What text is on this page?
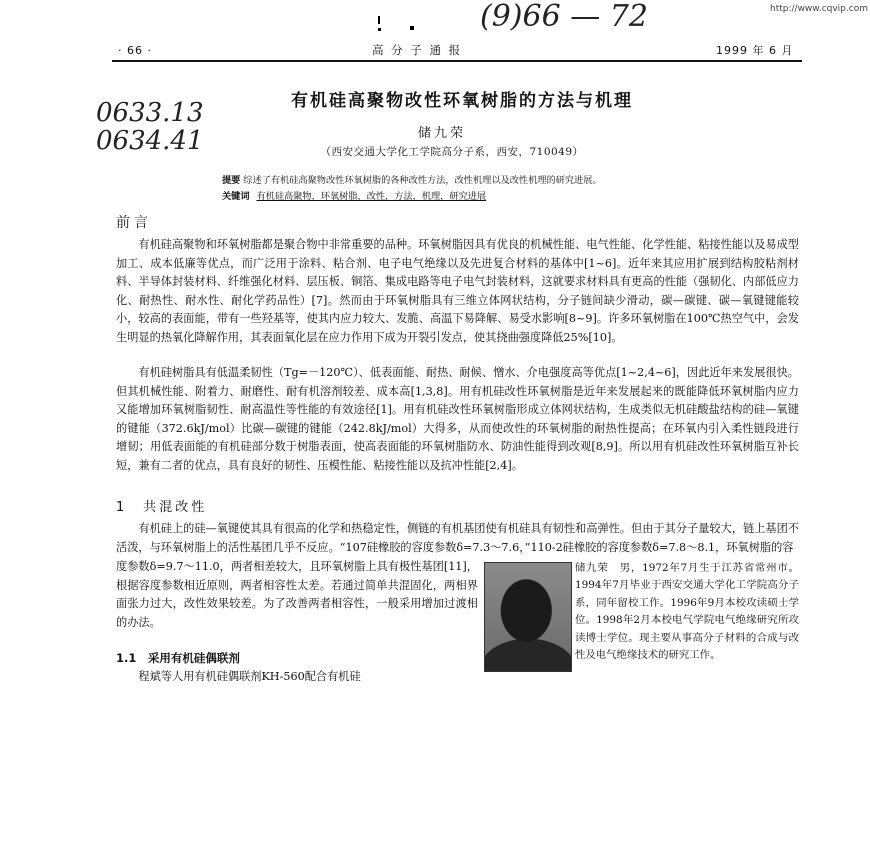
http://www.cqvip.com
(9)66 — 72
· 66 ·	高 分 子 通 报	1999 年 6 月
0633.13
0634.41
有机硅高聚物改性环氧树脂的方法与机理
储九荣
（西安交通大学化工学院高分子系，西安，710049）
提要 综述了有机硅高聚物改性环氧树脂的各种改性方法，改性机理以及改性机理的研究进展。
关键词 有机硅高聚物，环氧树脂，改性，方法，机理，研究进展
前言
有机硅高聚物和环氧树脂都是聚合物中非常重要的品种。环氧树脂因具有优良的机械性能、电气性能、化学性能、粘接性能以及易成型加工、成本低廉等优点，而广泛用于涂料、粘合剂、电子电气绝缘以及先进复合材料的基体中[1~6]。近年来其应用扩展到结构胶粘剂材料、半导体封装材料、纤维强化材料、层压板、铜箔、集成电路等电子电气封装材料，这就要求材料具有更高的性能（强韧化、内部低应力化、耐热性、耐水性、耐化学药品性）[7]。然而由于环氧树脂具有三维立体网状结构，分子链间缺少滑动，碳—碳键、碳—氧键键能较小，较高的表面能，带有一些羟基等，使其内应力较大、发脆、高温下易降解、易受水影响[8~9]。许多环氧树脂在100℃热空气中，会发生明显的热氧化降解作用，其表面氧化层在应力作用下成为开裂引发点，使其挠曲强度降低25%[10]。
有机硅树脂具有低温柔韧性（Tg=－120℃）、低表面能、耐热、耐候、憎水、介电强度高等优点[1~2,4~6]，因此近年来发展很快。但其机械性能、附着力、耐磨性、耐有机溶剂较差、成本高[1,3,8]。用有机硅改性环氧树脂是近年来发展起来的既能降低环氧树脂内应力又能增加环氧树脂韧性、耐高温性等性能的有效途径[1]。用有机硅改性环氧树脂形成立体网状结构，生成类似无机硅酸盐结构的硅—氧键的键能（372.6kJ/mol）比碳—碳键的键能（242.8kJ/mol）大得多，从而使改性的环氧树脂的耐热性提高；在环氧内引入柔性链段进行增韧；用低表面能的有机硅部分数于树脂表面，使高表面能的环氧树脂防水、防油性能得到改观[8,9]。所以用有机硅改性环氧树脂互补长短，兼有二者的优点，具有良好的韧性、压模性能、粘接性能以及抗冲性能[2,4]。
1　共混改性
有机硅上的硅—氧键使其具有很高的化学和热稳定性，侧链的有机基团使有机硅具有韧性和高弹性。但由于其分子量较大，链上基团不活泼，与环氧树脂上的活性基团几乎不反应。“107硅橡胶的容度参数δ=7.3～7.6，”110-2硅橡胶的容度参数δ=7.8～8.1，环氧树脂的容
度参数δ=9.7～11.0，两者相差较大，且环氧树脂上具有极性基团[11]，根据容度参数相近原则，两者相容性太差。若通过简单共混固化，两相界面张力过大，改性效果较差。为了改善两者相容性，一般采用增加过渡相的办法。
储九荣　男，1972年7月生于江苏省常州市。1994年7月毕业于西安交通大学化工学院高分子系，同年留校工作。1996年9月本校攻读硕士学位。1998年2月本校电气学院电气绝缘研究所攻读博士学位。现主要从事高分子材料的合成与改性及电气绝缘技术的研究工作。
1.1　采用有机硅偶联剂
程斌等人用有机硅偶联剂KH-560配合有机硅
